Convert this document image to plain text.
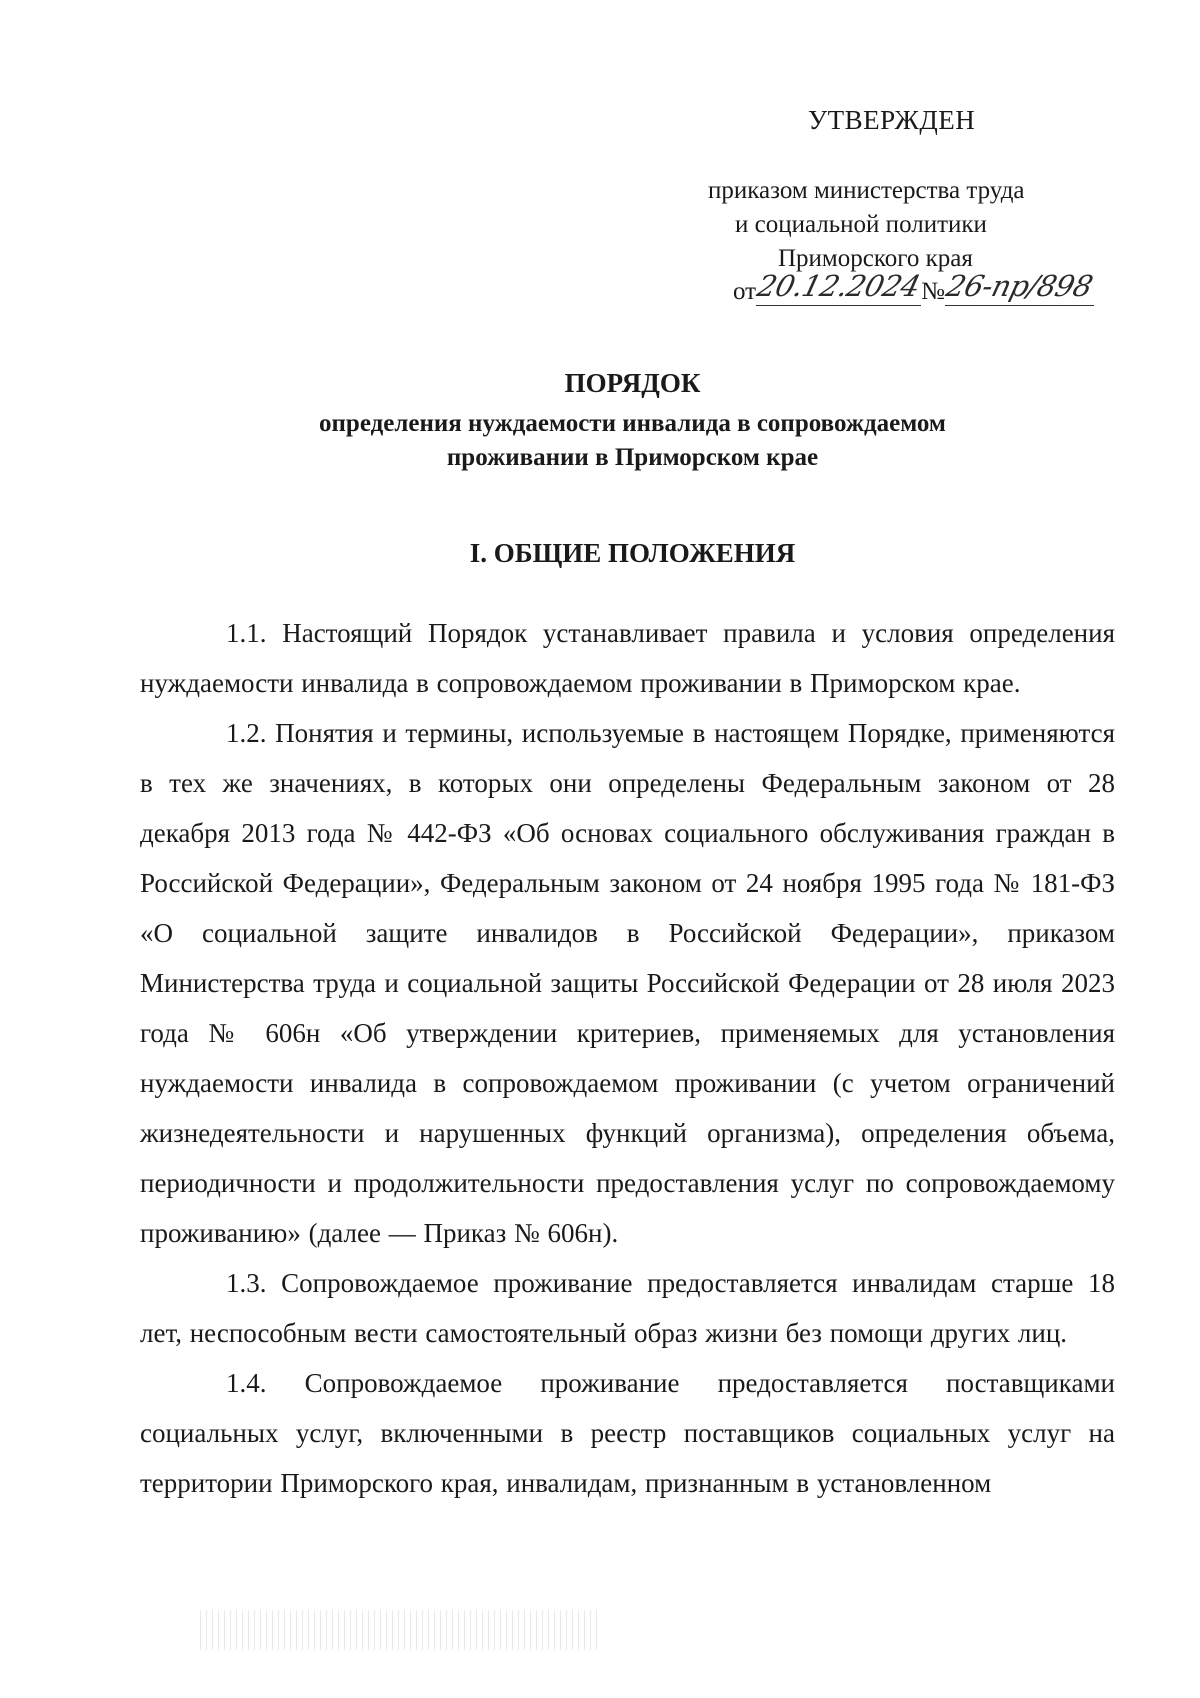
УТВЕРЖДЕН
приказом министерства труда
и социальной политики
Приморского края
от
20.12.2024
№
26-пр/898
ПОРЯДОК
определения нуждаемости инвалида в сопровождаемом
проживании в Приморском крае
I. ОБЩИЕ ПОЛОЖЕНИЯ

1.1. Настоящий Порядок устанавливает правила и условия определения нуждаемости инвалида в сопровождаемом проживании в Приморском крае.

1.2. Понятия и термины, используемые в настоящем Порядке, применяются в тех же значениях, в которых они определены Федеральным законом от 28 декабря 2013 года № 442-ФЗ «Об основах социального обслуживания граждан в Российской Федерации», Федеральным законом от 24 ноября 1995 года № 181-ФЗ «О социальной защите инвалидов в Российской Федерации», приказом Министерства труда и социальной защиты Российской Федерации от 28 июля 2023 года № 606н «Об утверждении критериев, применяемых для установления нуждаемости инвалида в сопровождаемом проживании (с учетом ограничений жизнедеятельности и нарушенных функций организма), определения объема, периодичности и продолжительности предоставления услуг по сопровождаемому проживанию» (далее — Приказ № 606н).

1.3. Сопровождаемое проживание предоставляется инвалидам старше 18 лет, неспособным вести самостоятельный образ жизни без помощи других лиц.

1.4. Сопровождаемое проживание предоставляется поставщиками социальных услуг, включенными в реестр поставщиков социальных услуг на территории Приморского края, инвалидам, признанным в установленном
